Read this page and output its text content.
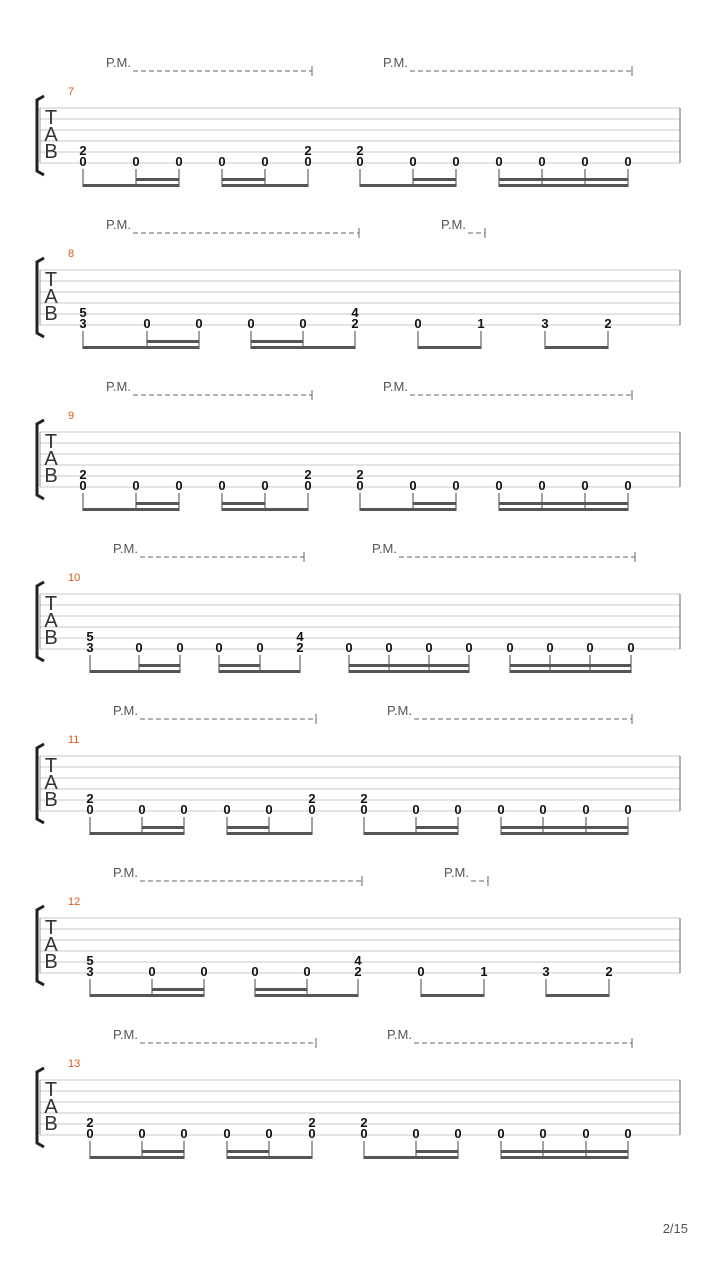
P.M.	P.M.
7
T
A
B 0
2
0	0	0	0	0
2
0
2
0	0	0	0	0	0
P.M.	P.M.
8
T
A
B 3
5
0	0	0	0	2
4
0	1	3	2
P.M.	P.M.
9
T
A
B 0
2
0	0	0	0	0
2
0
2
0	0	0	0	0	0
P.M.	P.M.
10
T
A
B 3
5
0	0 0	0	2
4
0	0	0	0	0	0	0	0
P.M.	P.M.
11
T
A
B 0
2
0	0	0	0	0
2
0
2
0	0	0	0	0	0
P.M.	P.M.
12
T
A
B 3
5
0	0	0	0	2
4
0	1	3	2
P.M.	P.M.
13
T
A
B 0
2
0	0	0	0	0
2
0
2
0	0	0	0	0	0
2/15
